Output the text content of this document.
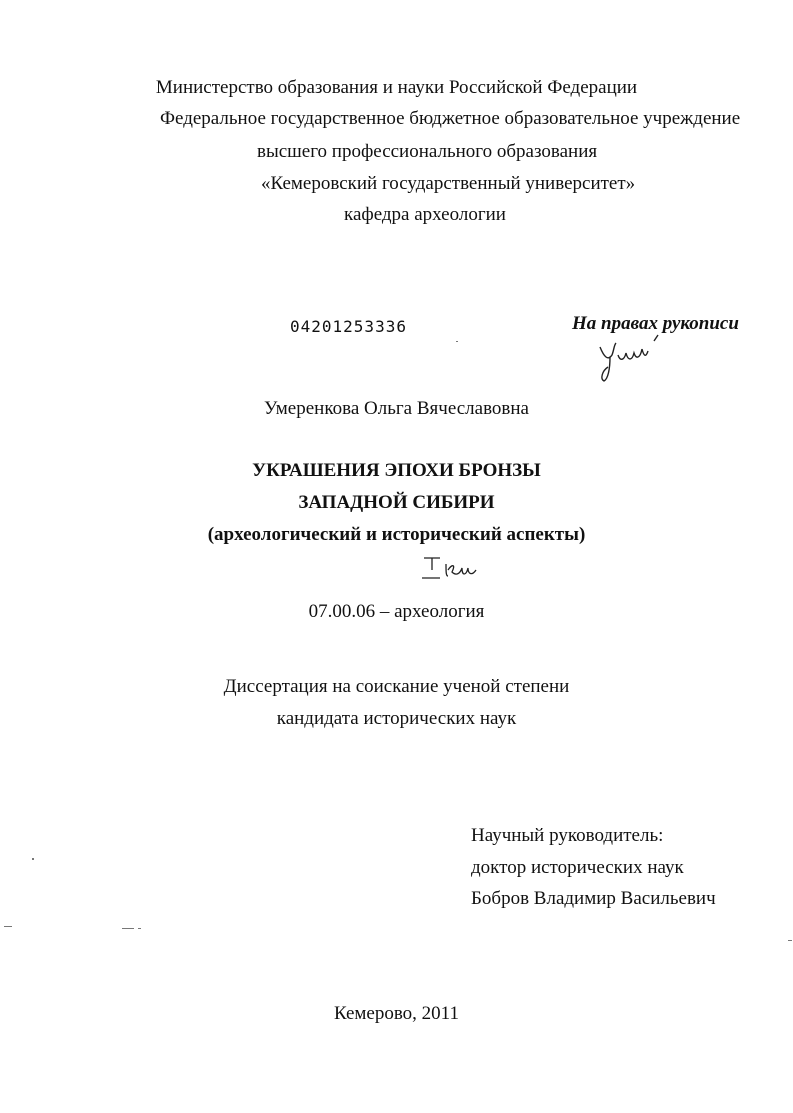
Министерство образования и науки Российской Федерации
Федеральное государственное бюджетное образовательное учреждение
высшего профессионального образования
«Кемеровский государственный университет»
кафедра археологии
04201253336	На правах рукописи
Умеренкова Ольга Вячеславовна
УКРАШЕНИЯ ЭПОХИ БРОНЗЫ
ЗАПАДНОЙ СИБИРИ
(археологический и исторический аспекты)
07.00.06 – археология
Диссертация на соискание ученой степени
кандидата исторических наук
Научный руководитель:
доктор исторических наук
Бобров Владимир Васильевич
Кемерово, 2011
